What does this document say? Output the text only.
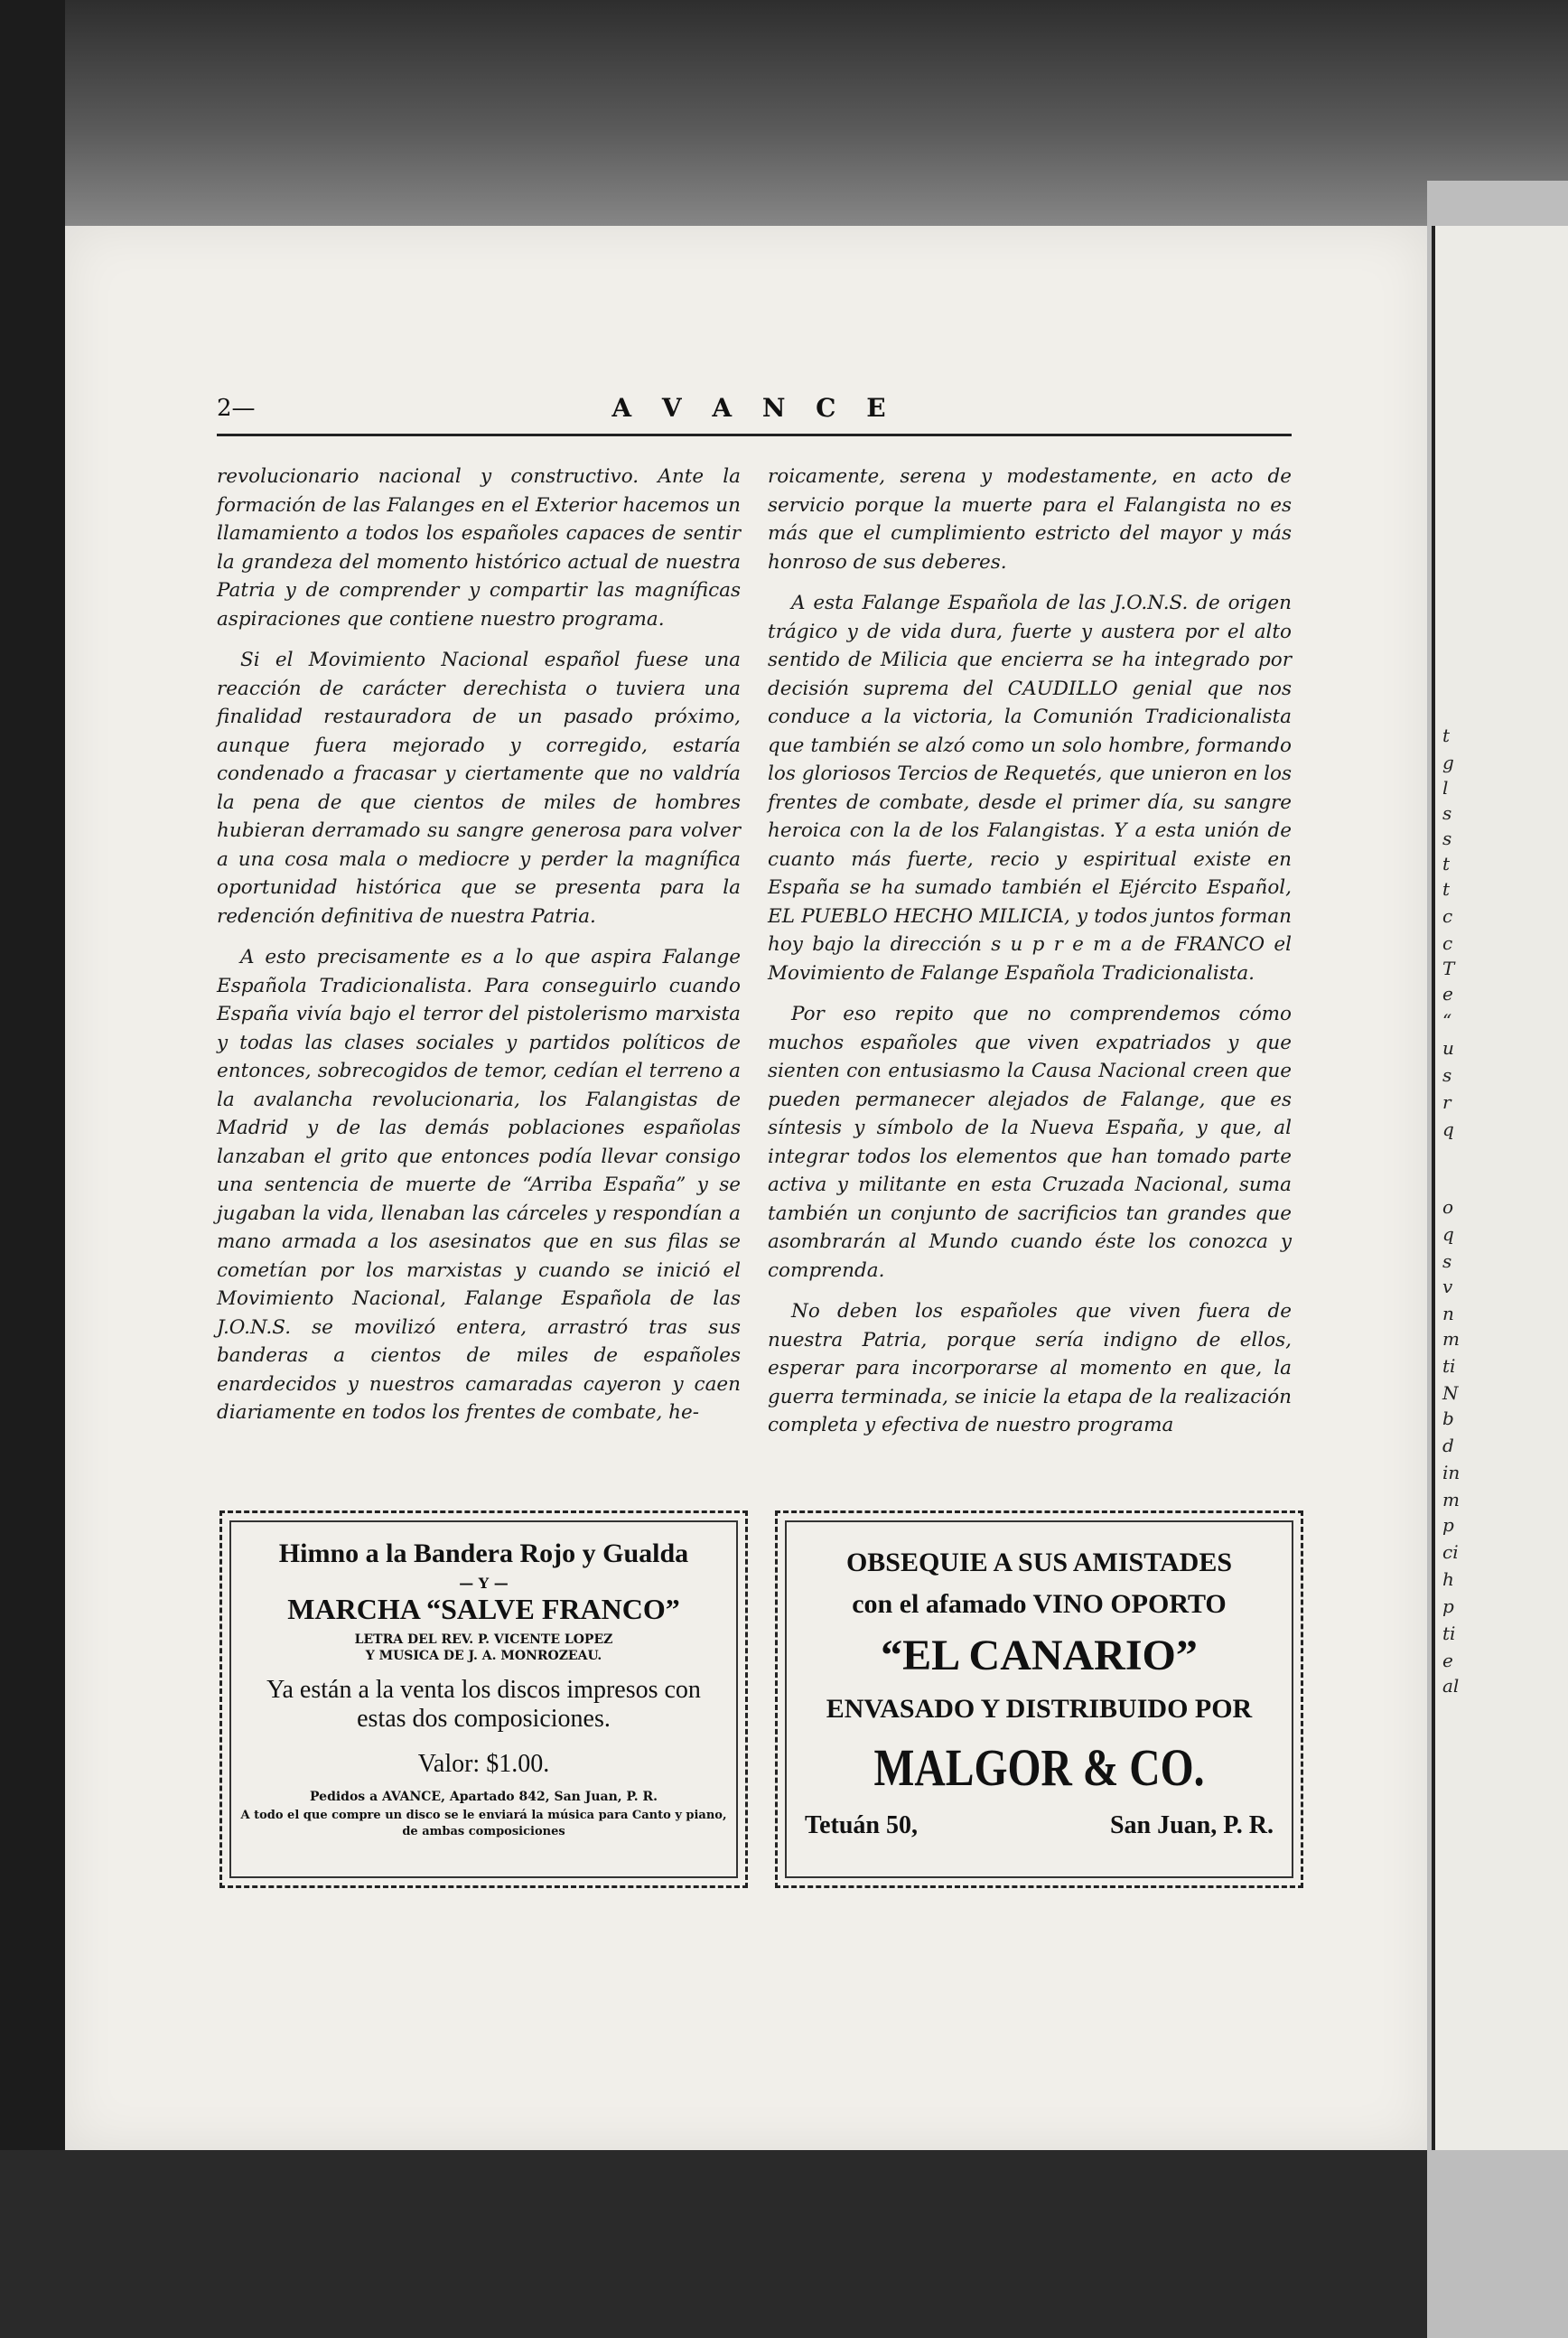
t
g
l
s
s
t
t
c
c
T
e
“
u
s
r
q
o
q
s
v
n
m
ti
N
b
d
in
m
p
ci
h
p
ti
e
al
2—	A V A N C E

revolucionario nacional y constructivo. Ante la formación de las Falanges en el Exterior hacemos un llamamiento a todos los españoles capaces de sentir la grandeza del momento histórico actual de nuestra Patria y de comprender y compartir las magníficas aspiraciones que contiene nuestro programa.

Si el Movimiento Nacional español fuese una reacción de carácter derechista o tuviera una finalidad restauradora de un pasado próximo, aunque fuera mejorado y corregido, estaría condenado a fracasar y ciertamente que no valdría la pena de que cientos de miles de hombres hubieran derramado su sangre generosa para volver a una cosa mala o mediocre y perder la magnífica oportunidad histórica que se presenta para la redención definitiva de nuestra Patria.

A esto precisamente es a lo que aspira Falange Española Tradicionalista. Para conseguirlo cuando España vivía bajo el terror del pistolerismo marxista y todas las clases sociales y partidos políticos de entonces, sobrecogidos de temor, cedían el terreno a la avalancha revolucionaria, los Falangistas de Madrid y de las demás poblaciones españolas lanzaban el grito que entonces podía llevar consigo una sentencia de muerte de “Arriba España” y se jugaban la vida, llenaban las cárceles y respondían a mano armada a los asesinatos que en sus filas se cometían por los marxistas y cuando se inició el Movimiento Nacional, Falange Española de las J.O.N.S. se movilizó entera, arrastró tras sus banderas a cientos de miles de españoles enardecidos y nuestros camaradas cayeron y caen diariamente en todos los frentes de combate, he-

roicamente, serena y modestamente, en acto de servicio porque la muerte para el Falangista no es más que el cumplimiento estricto del mayor y más honroso de sus deberes.

A esta Falange Española de las J.O.N.S. de origen trágico y de vida dura, fuerte y austera por el alto sentido de Milicia que encierra se ha integrado por decisión suprema del CAUDILLO genial que nos conduce a la victoria, la Comunión Tradicionalista que también se alzó como un solo hombre, formando los gloriosos Tercios de Requetés, que unieron en los frentes de combate, desde el primer día, su sangre heroica con la de los Falangistas. Y a esta unión de cuanto más fuerte, recio y espiritual existe en España se ha sumado también el Ejército Español, EL PUEBLO HECHO MILICIA, y todos juntos forman hoy bajo la dirección s u p r e m a de FRANCO el Movimiento de Falange Española Tradicionalista.

Por eso repito que no comprendemos cómo muchos españoles que viven expatriados y que sienten con entusiasmo la Causa Nacional creen que pueden permanecer alejados de Falange, que es síntesis y símbolo de la Nueva España, y que, al integrar todos los elementos que han tomado parte activa y militante en esta Cruzada Nacional, suma también un conjunto de sacrificios tan grandes que asombrarán al Mundo cuando éste los conozca y comprenda.

No deben los españoles que viven fuera de nuestra Patria, porque sería indigno de ellos, esperar para incorporarse al momento en que, la guerra terminada, se inicie la etapa de la realización completa y efectiva de nuestro programa

Himno a la Bandera Rojo y Gualda
— Y —
MARCHA “SALVE FRANCO”
LETRA DEL REV. P. VICENTE LOPEZ
Y MUSICA DE J. A. MONROZEAU.
Ya están a la venta los discos impresos con estas dos composiciones.
Valor: $1.00.
Pedidos a AVANCE, Apartado 842, San Juan, P. R.
A todo el que compre un disco se le enviará la música para Canto y piano, de ambas composiciones
OBSEQUIE A SUS AMISTADES
con el afamado VINO OPORTO
“EL CANARIO”
ENVASADO Y DISTRIBUIDO POR
MALGOR & CO.
Tetuán 50,	San Juan, P. R.
